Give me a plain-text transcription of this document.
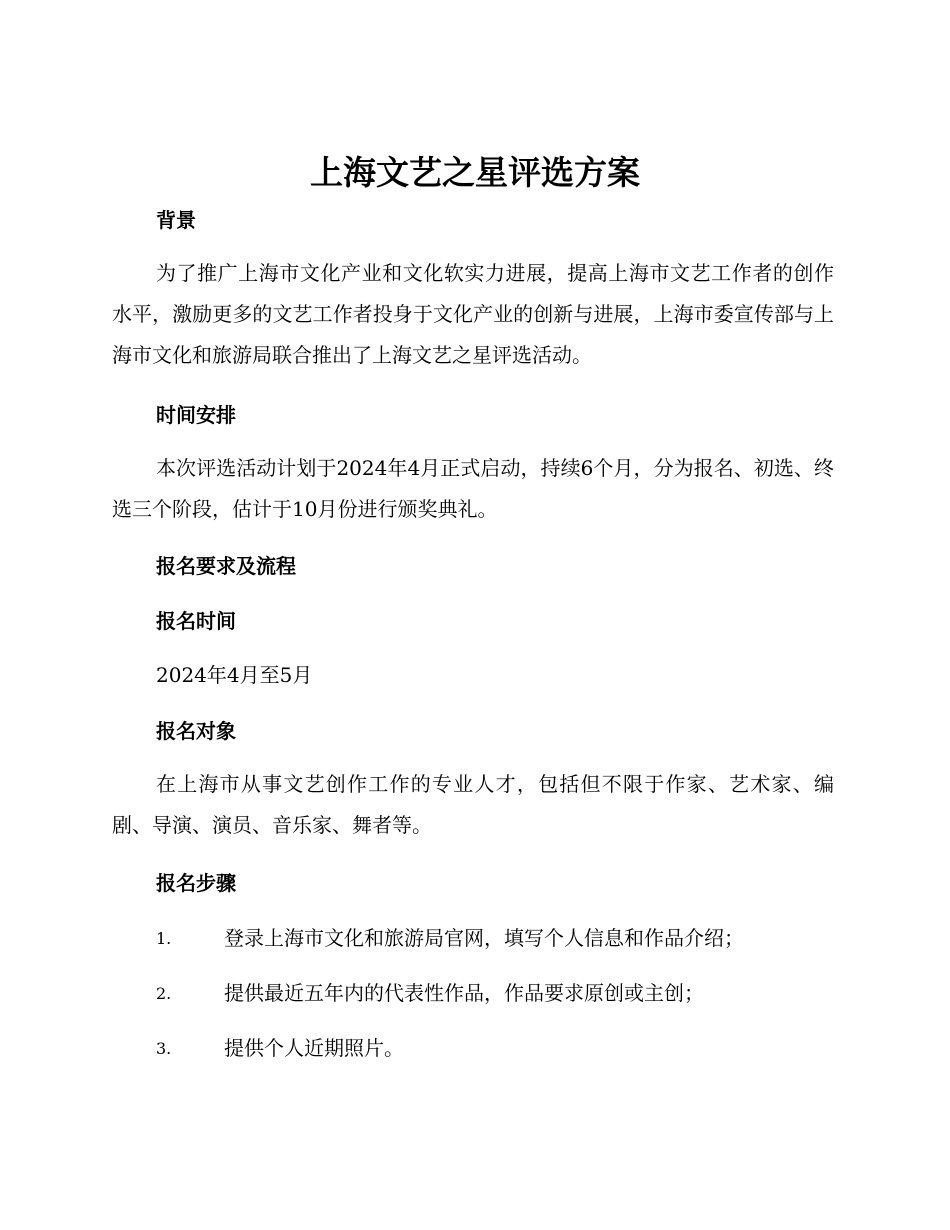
上海文艺之星评选方案
背景

为了推广上海市文化产业和文化软实力进展，提高上海市文艺工作者的创作水平，激励更多的文艺工作者投身于文化产业的创新与进展，上海市委宣传部与上海市文化和旅游局联合推出了上海文艺之星评选活动。

时间安排

本次评选活动计划于2024年4月正式启动，持续6个月，分为报名、初选、终选三个阶段，估计于10月份进行颁奖典礼。

报名要求及流程
报名时间

2024年4月至5月

报名对象

在上海市从事文艺创作工作的专业人才，包括但不限于作家、艺术家、编剧、导演、演员、音乐家、舞者等。

报名步骤
1.	登录上海市文化和旅游局官网，填写个人信息和作品介绍；
2.	提供最近五年内的代表性作品，作品要求原创或主创；
3.	提供个人近期照片。
